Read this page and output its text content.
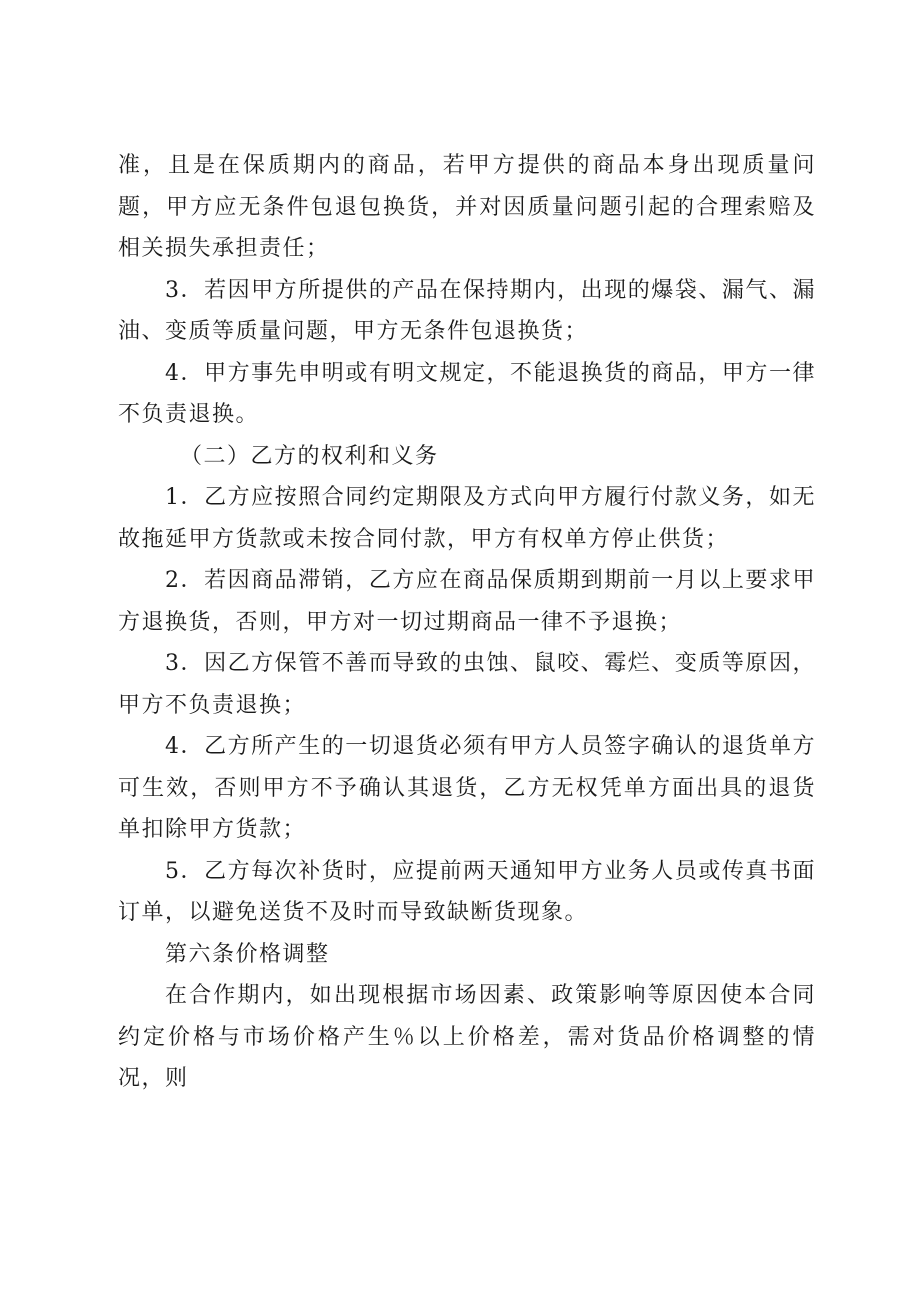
准，且是在保质期内的商品，若甲方提供的商品本身出现质量问题，甲方应无条件包退包换货，并对因质量问题引起的合理索赔及相关损失承担责任；

3．若因甲方所提供的产品在保持期内，出现的爆袋、漏气、漏油、变质等质量问题，甲方无条件包退换货；

4．甲方事先申明或有明文规定，不能退换货的商品，甲方一律不负责退换。

（二）乙方的权利和义务

1．乙方应按照合同约定期限及方式向甲方履行付款义务，如无故拖延甲方货款或未按合同付款，甲方有权单方停止供货；

2．若因商品滞销，乙方应在商品保质期到期前一月以上要求甲方退换货，否则，甲方对一切过期商品一律不予退换；

3．因乙方保管不善而导致的虫蚀、鼠咬、霉烂、变质等原因，甲方不负责退换；

4．乙方所产生的一切退货必须有甲方人员签字确认的退货单方可生效，否则甲方不予确认其退货，乙方无权凭单方面出具的退货单扣除甲方货款；

5．乙方每次补货时，应提前两天通知甲方业务人员或传真书面订单，以避免送货不及时而导致缺断货现象。

第六条价格调整

在合作期内，如出现根据市场因素、政策影响等原因使本合同约定价格与市场价格产生％以上价格差，需对货品价格调整的情况，则
